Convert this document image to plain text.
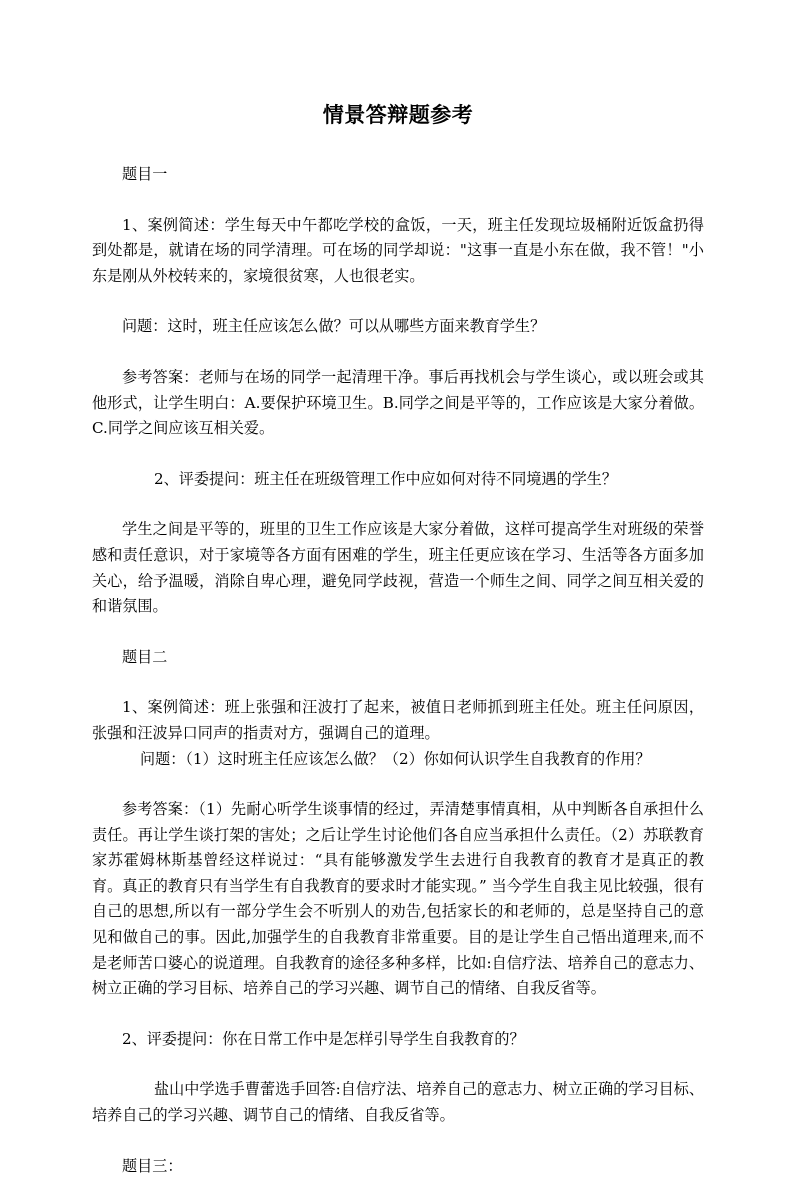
情景答辩题参考

题目一

1、案例简述：学生每天中午都吃学校的盒饭，一天，班主任发现垃圾桶附近饭盒扔得到处都是，就请在场的同学清理。可在场的同学却说："这事一直是小东在做，我不管！"小东是刚从外校转来的，家境很贫寒，人也很老实。

问题：这时，班主任应该怎么做？可以从哪些方面来教育学生？

参考答案：老师与在场的同学一起清理干净。事后再找机会与学生谈心，或以班会或其他形式，让学生明白：A.要保护环境卫生。B.同学之间是平等的，工作应该是大家分着做。C.同学之间应该互相关爱。

2、评委提问：班主任在班级管理工作中应如何对待不同境遇的学生？

学生之间是平等的，班里的卫生工作应该是大家分着做，这样可提高学生对班级的荣誉感和责任意识，对于家境等各方面有困难的学生，班主任更应该在学习、生活等各方面多加关心，给予温暖，消除自卑心理，避免同学歧视，营造一个师生之间、同学之间互相关爱的和谐氛围。

题目二

1、案例简述：班上张强和汪波打了起来，被值日老师抓到班主任处。班主任问原因，张强和汪波异口同声的指责对方，强调自己的道理。

问题：（1）这时班主任应该怎么做？（2）你如何认识学生自我教育的作用？

参考答案：（1）先耐心听学生谈事情的经过，弄清楚事情真相，从中判断各自承担什么责任。再让学生谈打架的害处；之后让学生讨论他们各自应当承担什么责任。（2）苏联教育家苏霍姆林斯基曾经这样说过：“具有能够激发学生去进行自我教育的教育才是真正的教育。真正的教育只有当学生有自我教育的要求时才能实现。” 当今学生自我主见比较强，很有自己的思想,所以有一部分学生会不听别人的劝告,包括家长的和老师的，总是坚持自己的意见和做自己的事。因此,加强学生的自我教育非常重要。目的是让学生自己悟出道理来,而不是老师苦口婆心的说道理。自我教育的途径多种多样，比如:自信疗法、培养自己的意志力、树立正确的学习目标、培养自己的学习兴趣、调节自己的情绪、自我反省等。

2、评委提问：你在日常工作中是怎样引导学生自我教育的？

盐山中学选手曹蕾选手回答:自信疗法、培养自己的意志力、树立正确的学习目标、培养自己的学习兴趣、调节自己的情绪、自我反省等。

题目三：
